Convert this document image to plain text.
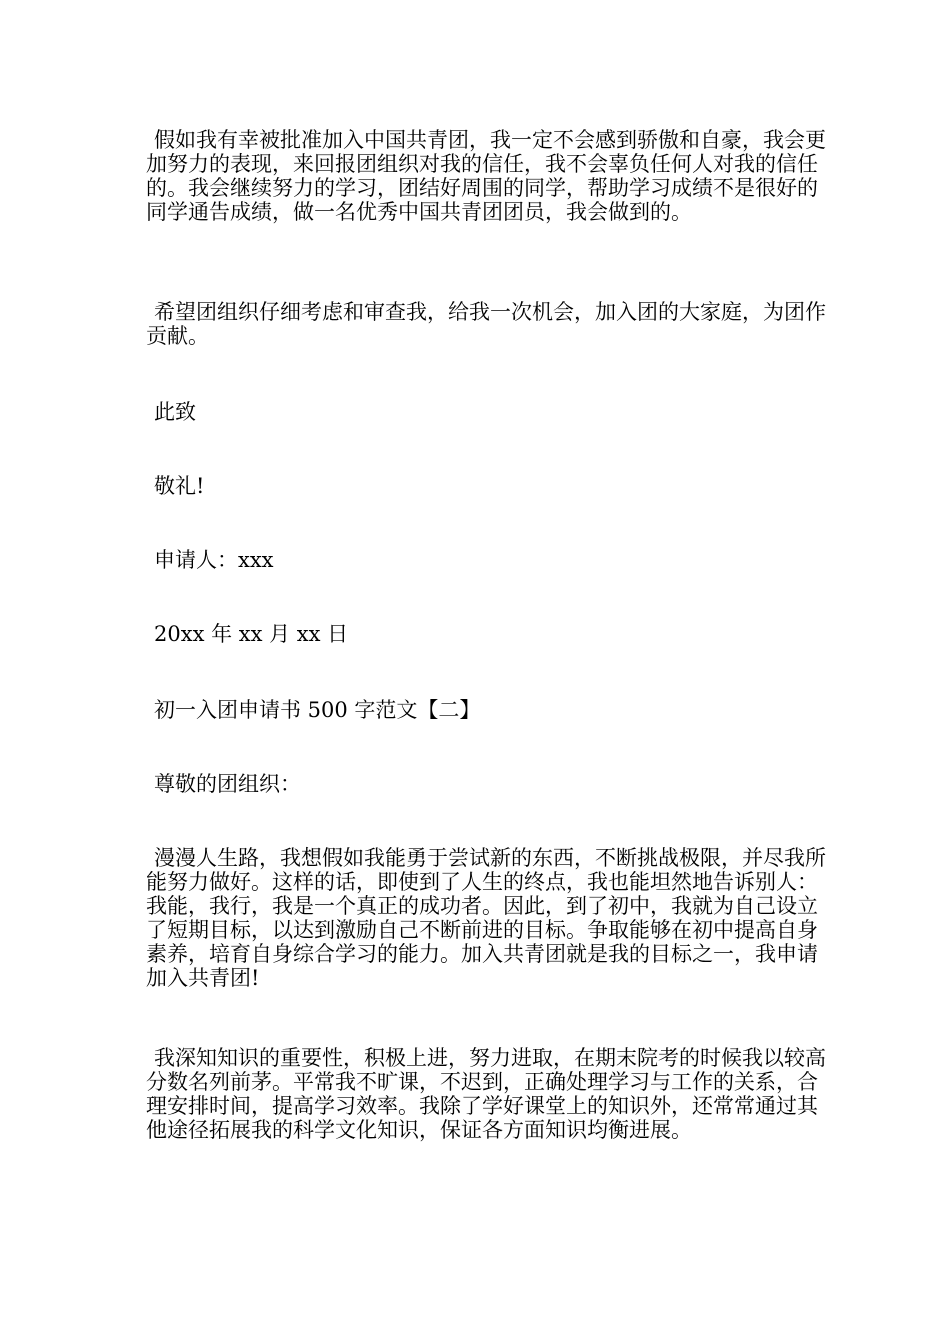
假如我有幸被批准加入中国共青团，我一定不会感到骄傲和自豪，我会更加努力的表现，来回报团组织对我的信任，我不会辜负任何人对我的信任的。我会继续努力的学习，团结好周围的同学，帮助学习成绩不是很好的同学通告成绩，做一名优秀中国共青团团员，我会做到的。

希望团组织仔细考虑和审查我，给我一次机会，加入团的大家庭，为团作贡献。

此致

敬礼!

申请人：xxx

20xx 年 xx 月 xx 日

初一入团申请书 500 字范文【二】

尊敬的团组织：

漫漫人生路，我想假如我能勇于尝试新的东西，不断挑战极限，并尽我所能努力做好。这样的话，即使到了人生的终点，我也能坦然地告诉别人：我能，我行，我是一个真正的成功者。因此，到了初中，我就为自己设立了短期目标，以达到激励自己不断前进的目标。争取能够在初中提高自身素养，培育自身综合学习的能力。加入共青团就是我的目标之一，我申请加入共青团!

我深知知识的重要性，积极上进，努力进取，在期末院考的时候我以较高分数名列前茅。平常我不旷课，不迟到，正确处理学习与工作的关系，合理安排时间，提高学习效率。我除了学好课堂上的知识外，还常常通过其他途径拓展我的科学文化知识，保证各方面知识均衡进展。
